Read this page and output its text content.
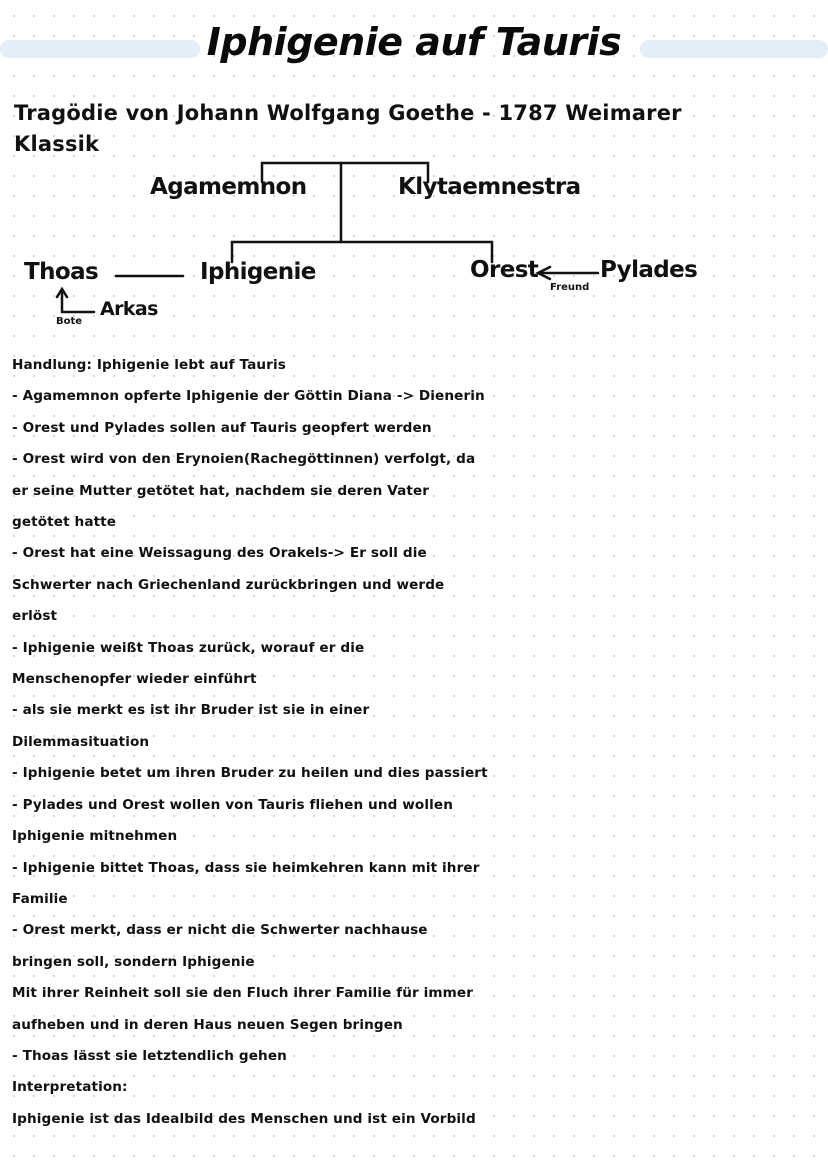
Iphigenie auf Tauris
Tragödie von Johann Wolfgang Goethe - 1787 Weimarer Klassik
Agamemnon	Klytaemnestra
Thoas	Iphigenie	Orest	Pylades
Arkas
Bote
Freund
Handlung: Iphigenie lebt auf Tauris
- Agamemnon opferte Iphigenie der Göttin Diana -> Dienerin
- Orest und Pylades sollen auf Tauris geopfert werden
- Orest wird von den Erynoien(Rachegöttinnen) verfolgt, da
er seine Mutter getötet hat, nachdem sie deren Vater
getötet hatte
- Orest hat eine Weissagung des Orakels-> Er soll die
Schwerter nach Griechenland zurückbringen und werde
erlöst
- Iphigenie weißt Thoas zurück, worauf er die
Menschenopfer wieder einführt
- als sie merkt es ist ihr Bruder ist sie in einer
Dilemmasituation
- Iphigenie betet um ihren Bruder zu heilen und dies passiert
- Pylades und Orest wollen von Tauris fliehen und wollen
Iphigenie mitnehmen
- Iphigenie bittet Thoas, dass sie heimkehren kann mit ihrer
Familie
- Orest merkt, dass er nicht die Schwerter nachhause
bringen soll, sondern Iphigenie
Mit ihrer Reinheit soll sie den Fluch ihrer Familie für immer
aufheben und in deren Haus neuen Segen bringen
- Thoas lässt sie letztendlich gehen
Interpretation:
Iphigenie ist das Idealbild des Menschen und ist ein Vorbild
